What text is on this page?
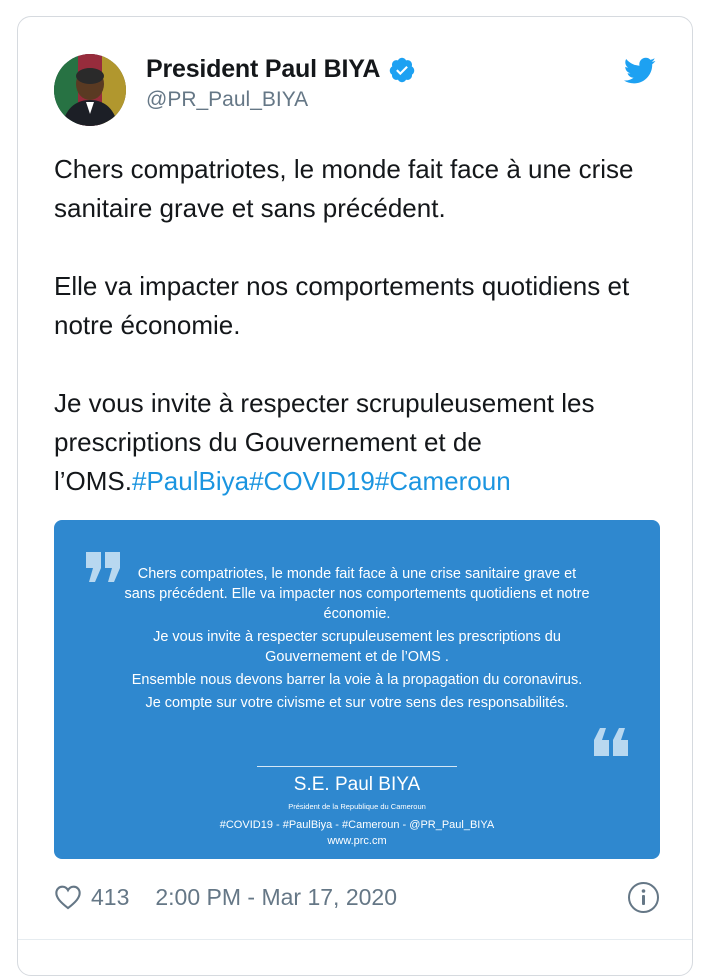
President Paul BIYA
@PR_Paul_BIYA

Chers compatriotes, le monde fait face à une crise sanitaire grave et sans précédent.

Elle va impacter nos comportements quotidiens et notre économie.

Je vous invite à respecter scrupuleusement les prescriptions du Gouvernement et de l’OMS.#PaulBiya#COVID19#Cameroun

Chers compatriotes, le monde fait face à une crise sanitaire grave et sans précédent. Elle va impacter nos comportements quotidiens et notre économie.
Je vous invite à respecter scrupuleusement les prescriptions du Gouvernement et de l’OMS .
Ensemble nous devons barrer la voie à la propagation du coronavirus.
Je compte sur votre civisme et sur votre sens des responsabilités.
S.E. Paul BIYA
Président de la Republique du Cameroun
#COVID19 - #PaulBiya - #Cameroun - @PR_Paul_BIYA
www.prc.cm
413 2:00 PM - Mar 17, 2020
